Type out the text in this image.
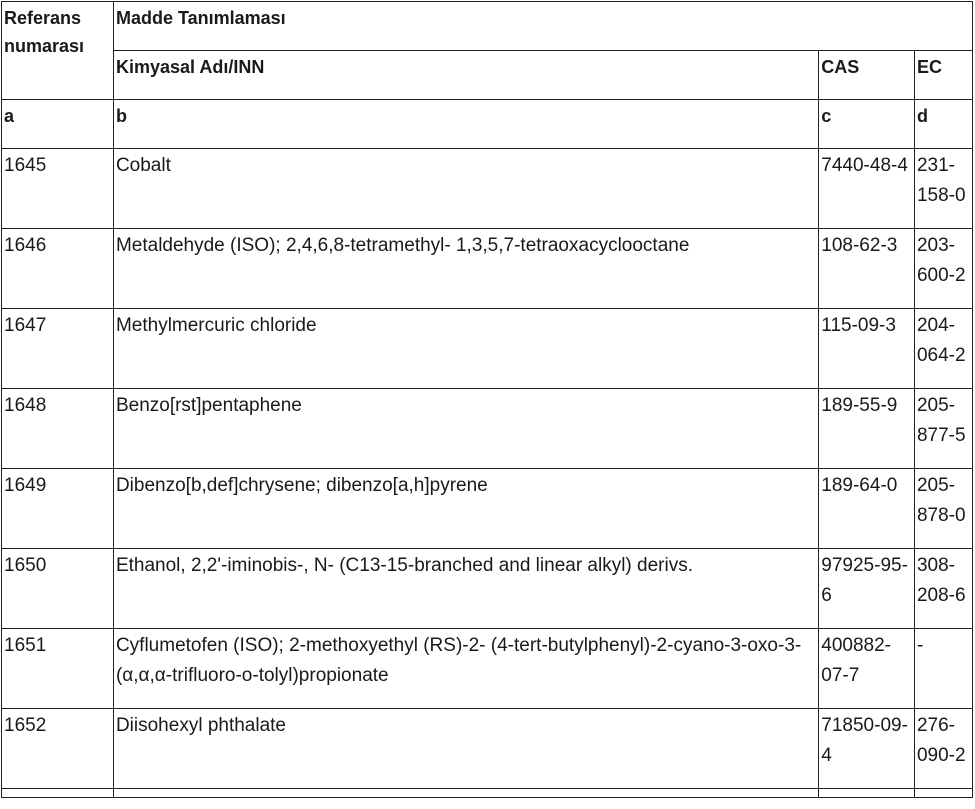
Referans numarası	Madde Tanımlaması		
	Kimyasal Adı/INN	CAS	EC
a	b	c	d
1645	Cobalt	7440-48-4	231-158-0
1646	Metaldehyde (ISO); 2,4,6,8-tetramethyl- 1,3,5,7-tetraoxacyclooctane	108-62-3	203-600-2
1647	Methylmercuric chloride	115-09-3	204-064-2
1648	Benzo[rst]pentaphene	189-55-9	205-877-5
1649	Dibenzo[b,def]chrysene; dibenzo[a,h]pyrene	189-64-0	205-878-0
1650	Ethanol, 2,2'-iminobis-, N- (C13-15-branched and linear alkyl) derivs.	97925-95-6	308-208-6
1651	Cyflumetofen (ISO); 2-methoxyethyl (RS)-2- (4-tert-butylphenyl)-2-cyano-3-oxo-3-(α,α,α-trifluoro-o-tolyl)propionate	400882-07-7	-
1652	Diisohexyl phthalate	71850-09-4	276-090-2
